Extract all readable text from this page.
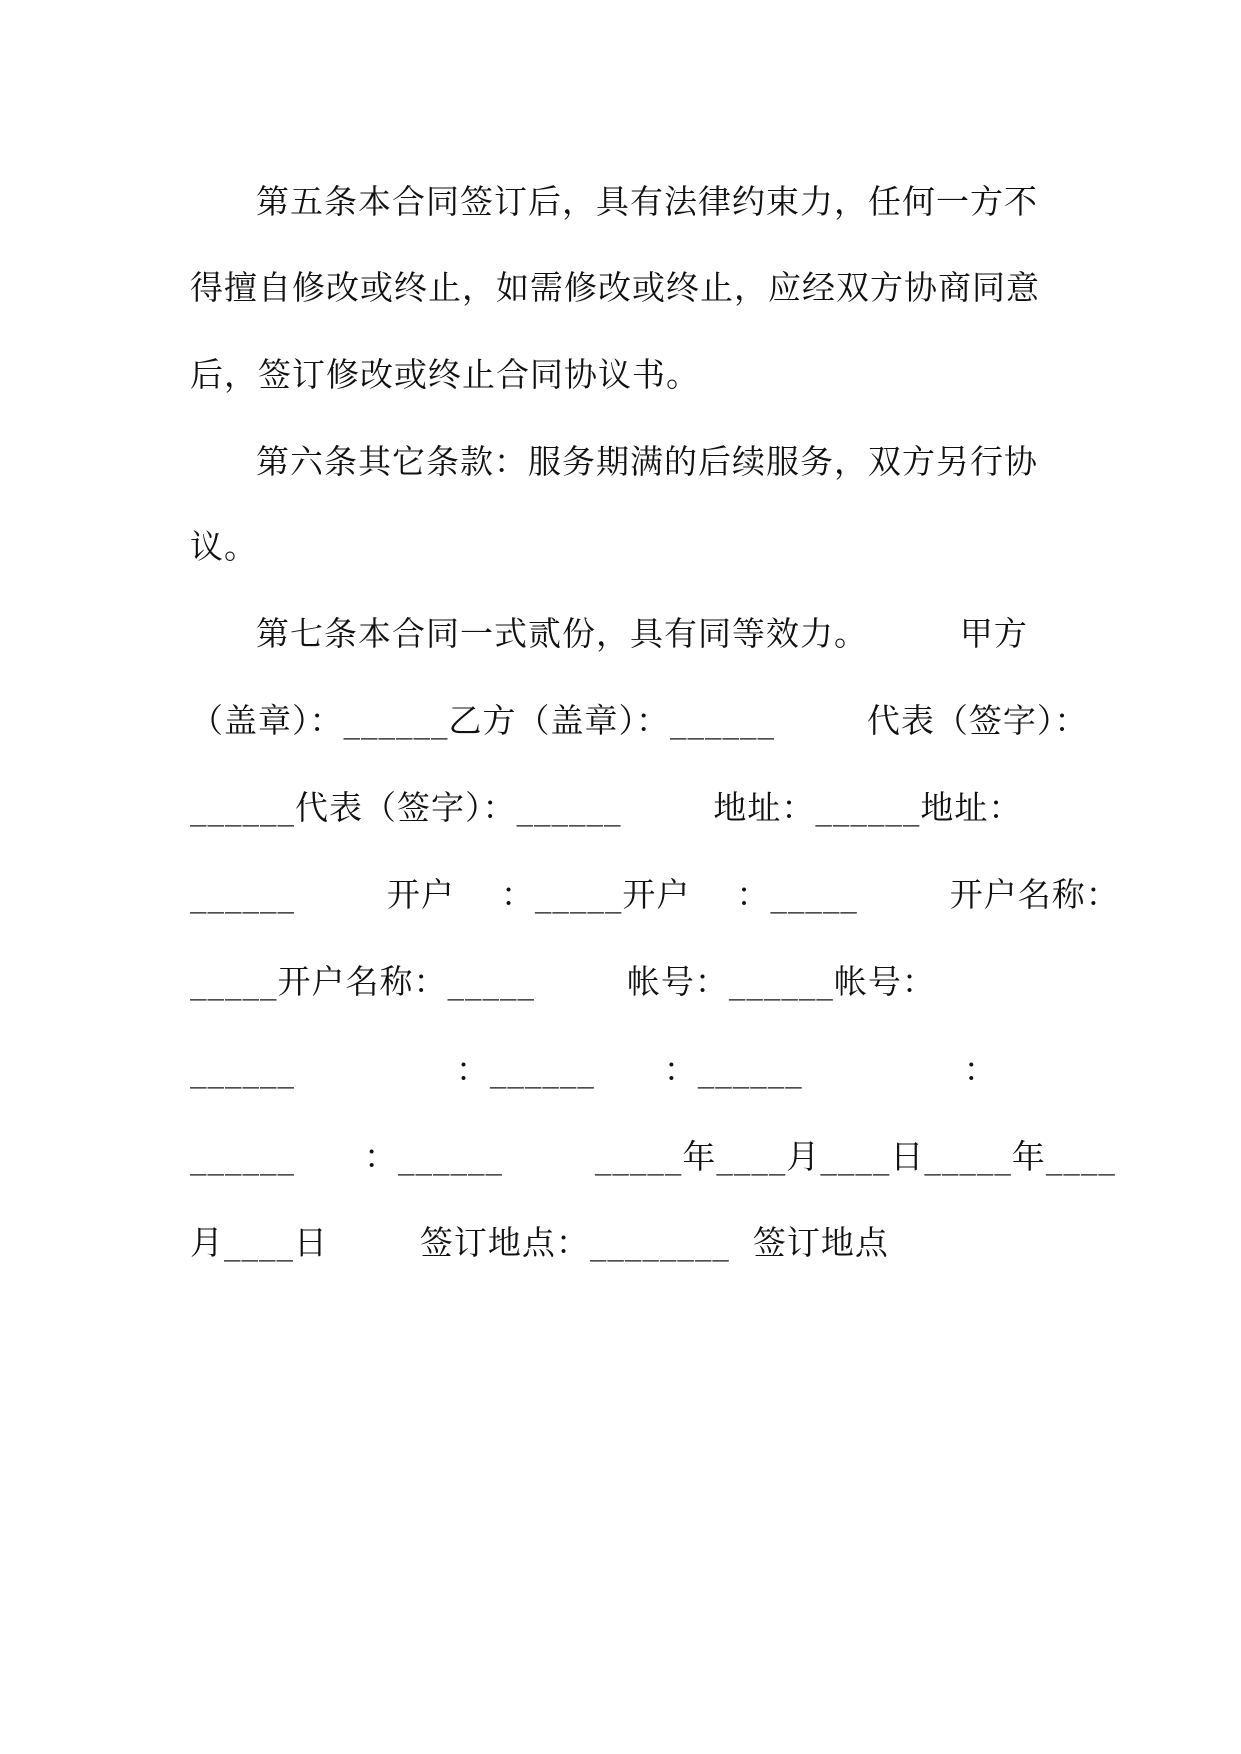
第五条本合同签订后，具有法律约束力，任何一方不
得擅自修改或终止，如需修改或终止，应经双方协商同意
后，签订修改或终止合同协议书。
第六条其它条款：服务期满的后续服务，双方另行协
议。
第七条本合同一式贰份，具有同等效力。        甲方
（盖章）：______乙方（盖章）：______        代表（签字）：
______代表（签字）：______        地址：______地址：
______        开户    ：_____开户    ：_____        开户名称：
_____开户名称：_____        帐号：______帐号：
______              ：______      ：______              ：
______      ：______        _____年____月____日_____年____
月____日        签订地点：________  签订地点
